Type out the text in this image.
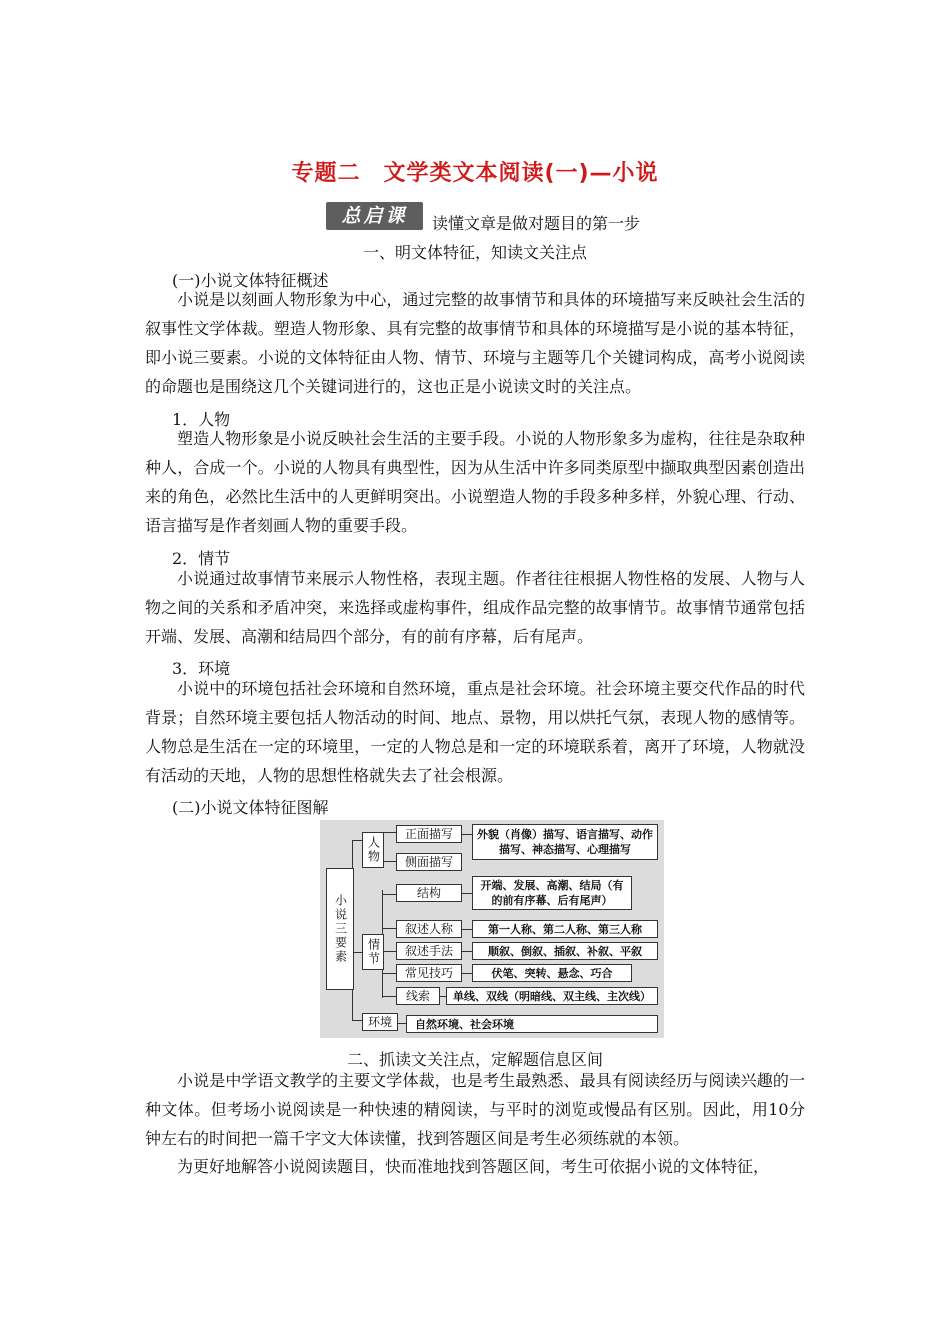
专题二　文学类文本阅读(一)—小说
总启课	读懂文章是做对题目的第一步
一、明文体特征，知读文关注点
(一)小说文体特征概述

小说是以刻画人物形象为中心，通过完整的故事情节和具体的环境描写来反映社会生活的叙事性文学体裁。塑造人物形象、具有完整的故事情节和具体的环境描写是小说的基本特征，即小说三要素。小说的文体特征由人物、情节、环境与主题等几个关键词构成，高考小说阅读的命题也是围绕这几个关键词进行的，这也正是小说读文时的关注点。

1．人物

塑造人物形象是小说反映社会生活的主要手段。小说的人物形象多为虚构，往往是杂取种种人，合成一个。小说的人物具有典型性，因为从生活中许多同类原型中撷取典型因素创造出来的角色，必然比生活中的人更鲜明突出。小说塑造人物的手段多种多样，外貌心理、行动、语言描写是作者刻画人物的重要手段。

2．情节

小说通过故事情节来展示人物性格，表现主题。作者往往根据人物性格的发展、人物与人物之间的关系和矛盾冲突，来选择或虚构事件，组成作品完整的故事情节。故事情节通常包括开端、发展、高潮和结局四个部分，有的前有序幕，后有尾声。

3．环境

小说中的环境包括社会环境和自然环境，重点是社会环境。社会环境主要交代作品的时代背景；自然环境主要包括人物活动的时间、地点、景物，用以烘托气氛，表现人物的感情等。人物总是生活在一定的环境里，一定的人物总是和一定的环境联系着，离开了环境，人物就没有活动的天地，人物的思想性格就失去了社会根源。

(二)小说文体特征图解
小说三要素
人物
情节
环境
正面描写
侧面描写
结构
叙述人称
叙述手法
常见技巧
线索
外貌（肖像）描写、语言描写、动作描写、神态描写、心理描写
开端、发展、高潮、结局（有的前有序幕、后有尾声）
第一人称、第二人称、第三人称
顺叙、倒叙、插叙、补叙、平叙
伏笔、突转、悬念、巧合
单线、双线（明暗线、双主线、主次线）
自然环境、社会环境
二、抓读文关注点，定解题信息区间

小说是中学语文教学的主要文学体裁，也是考生最熟悉、最具有阅读经历与阅读兴趣的一种文体。但考场小说阅读是一种快速的精阅读，与平时的浏览或慢品有区别。因此，用10分钟左右的时间把一篇千字文大体读懂，找到答题区间是考生必须练就的本领。

为更好地解答小说阅读题目，快而准地找到答题区间，考生可依据小说的文体特征，
